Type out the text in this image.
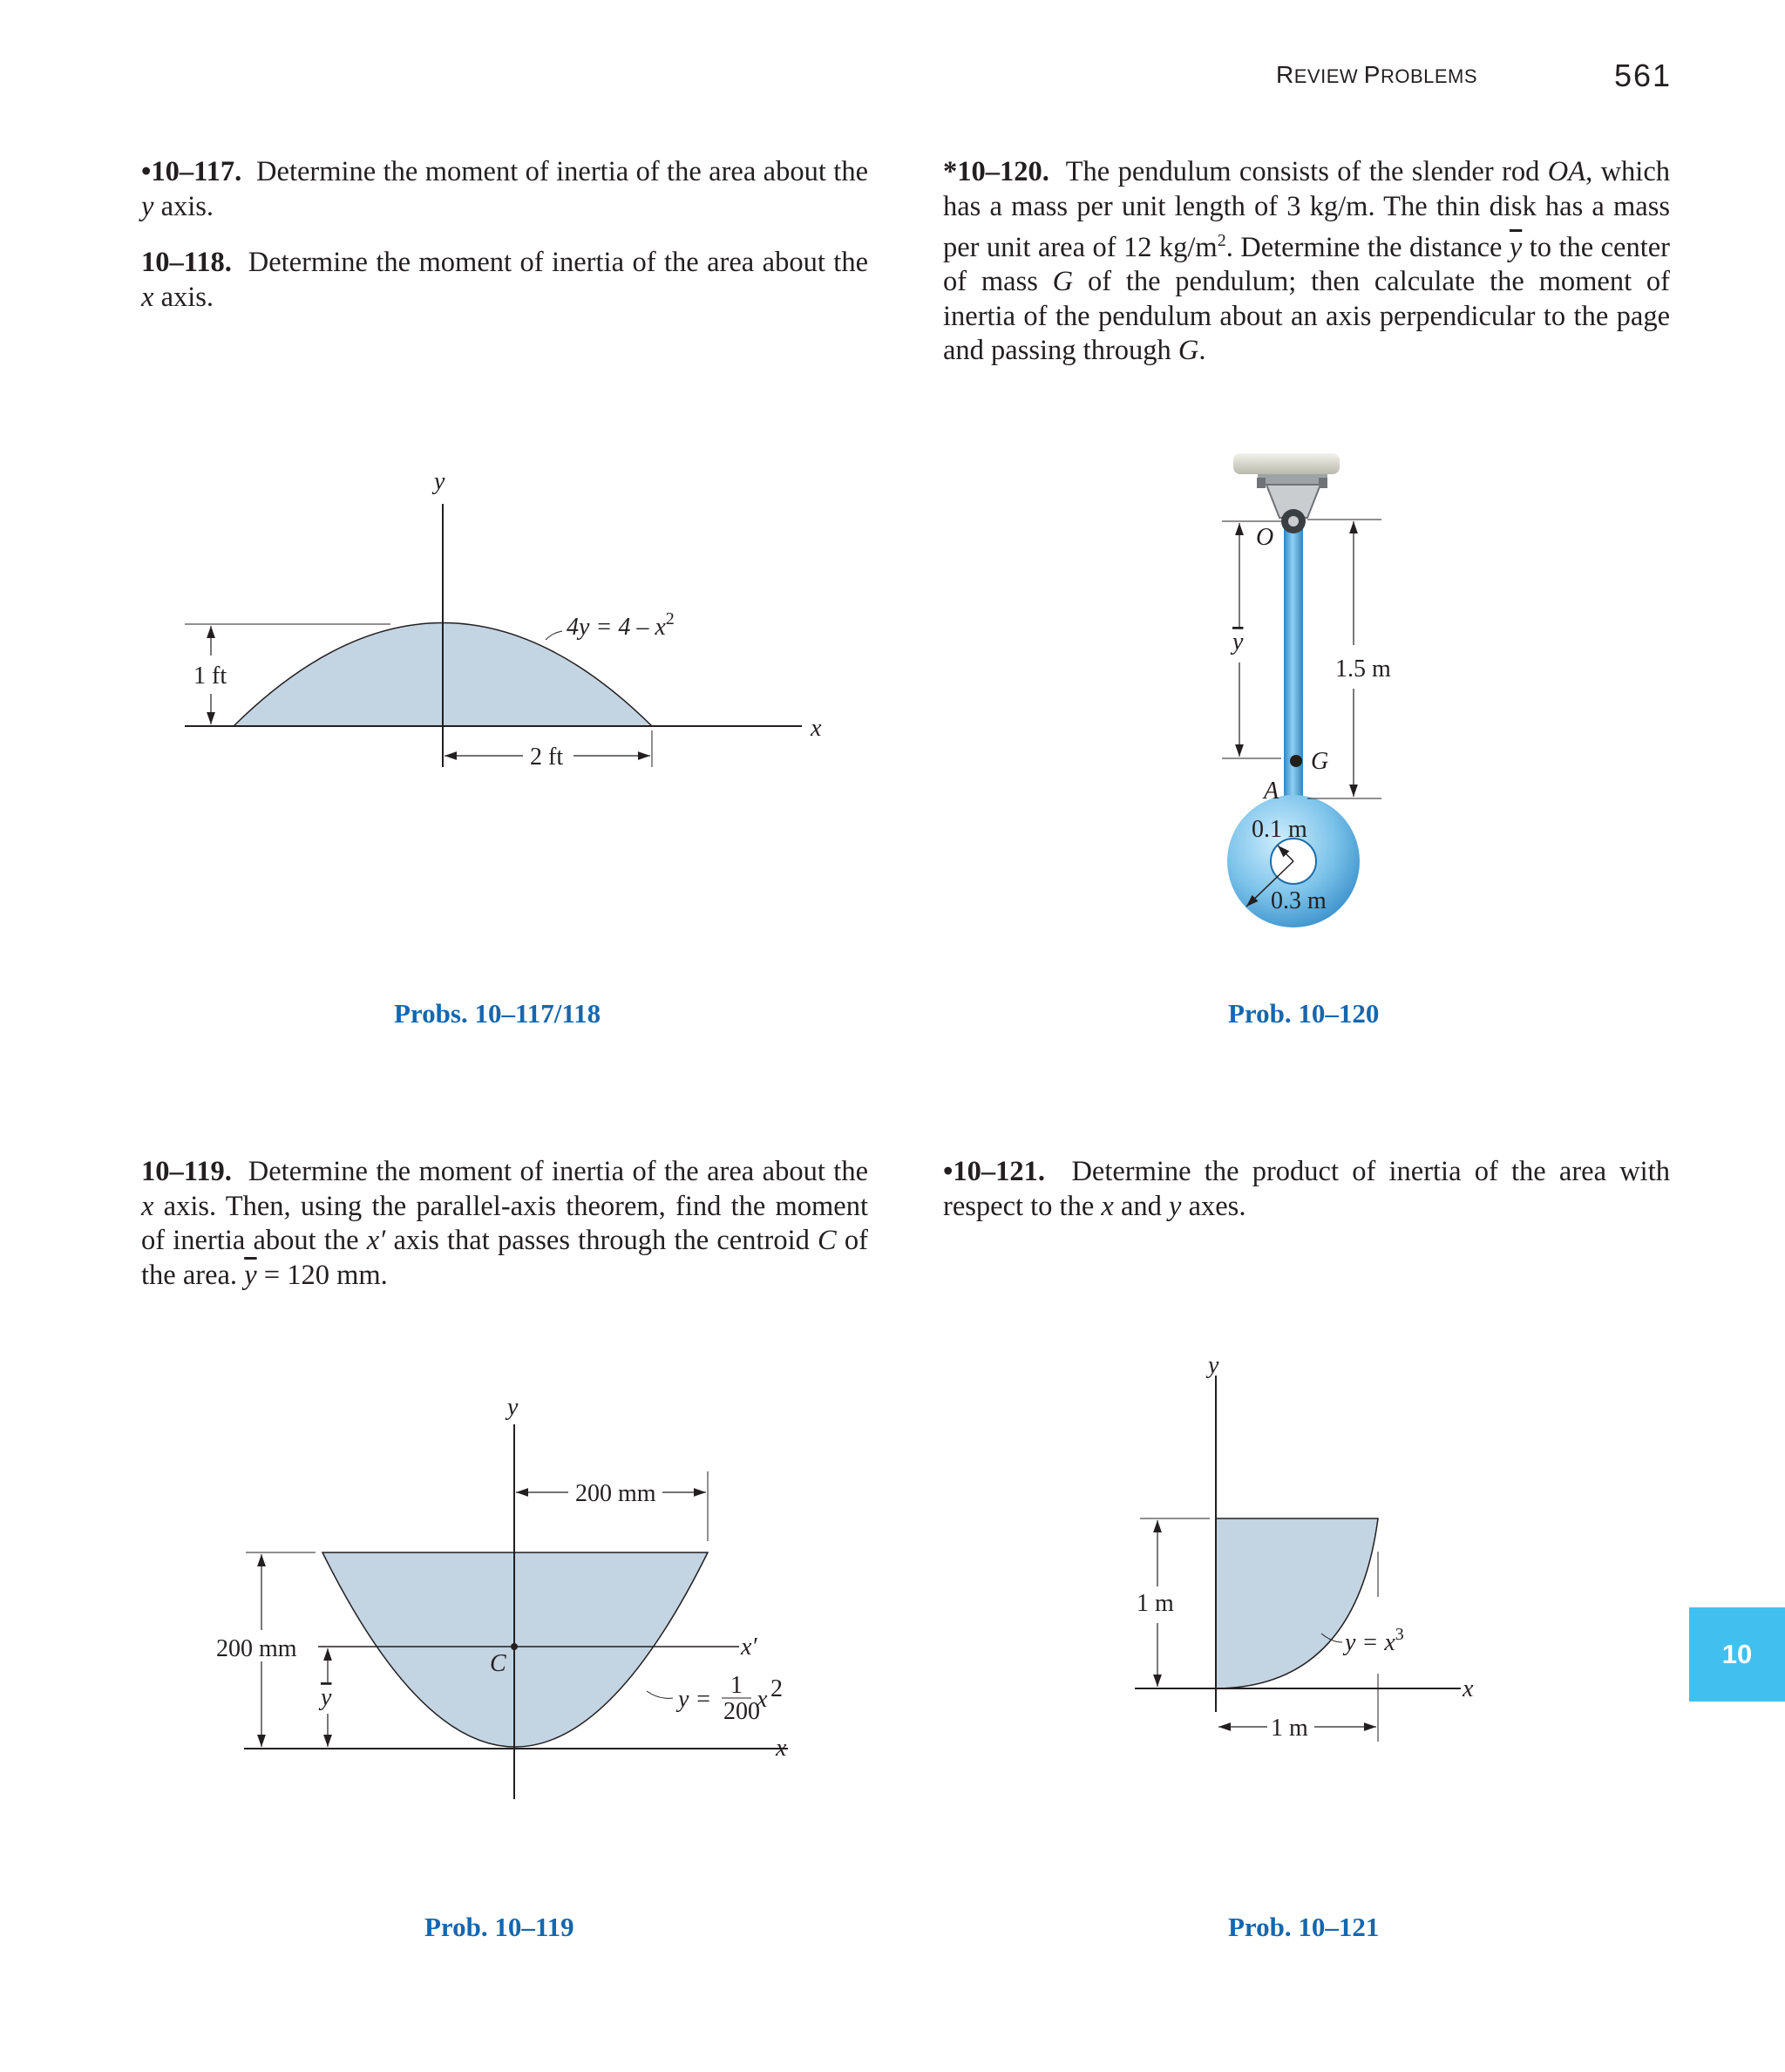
REVIEW PROBLEMS	561
•10–117. Determine the moment of inertia of the area about the y axis.
10–118. Determine the moment of inertia of the area about the x axis.
*10–120. The pendulum consists of the slender rod OA, which has a mass per unit length of 3 kg/m. The thin disk has a mass per unit area of 12 $kg/m^2$. Determine the distance $\overline{y}$ to the center of mass G of the pendulum; then calculate the moment of inertia of the pendulum about an axis perpendicular to the page and passing through G.
10–119. Determine the moment of inertia of the area about the x axis. Then, using the parallel-axis theorem, find the moment of inertia about the x′ axis that passes through the centroid C of the area. $\overline{y} = 120$ mm.
•10–121. Determine the product of inertia of the area with respect to the x and y axes.
y
x
1 ft
2 ft
$4y = 4 - x^2$
Probs. 10–117/118
0.1 m
0.3 m
G
A
O
y
1.5 m
Prob. 10–120
y
x
x′
C
200 mm
200 mm
y	y =
1
200
x 2
Prob. 10–119
y
x
1 m
1 m
$y = x^3$
Prob. 10–121
10
